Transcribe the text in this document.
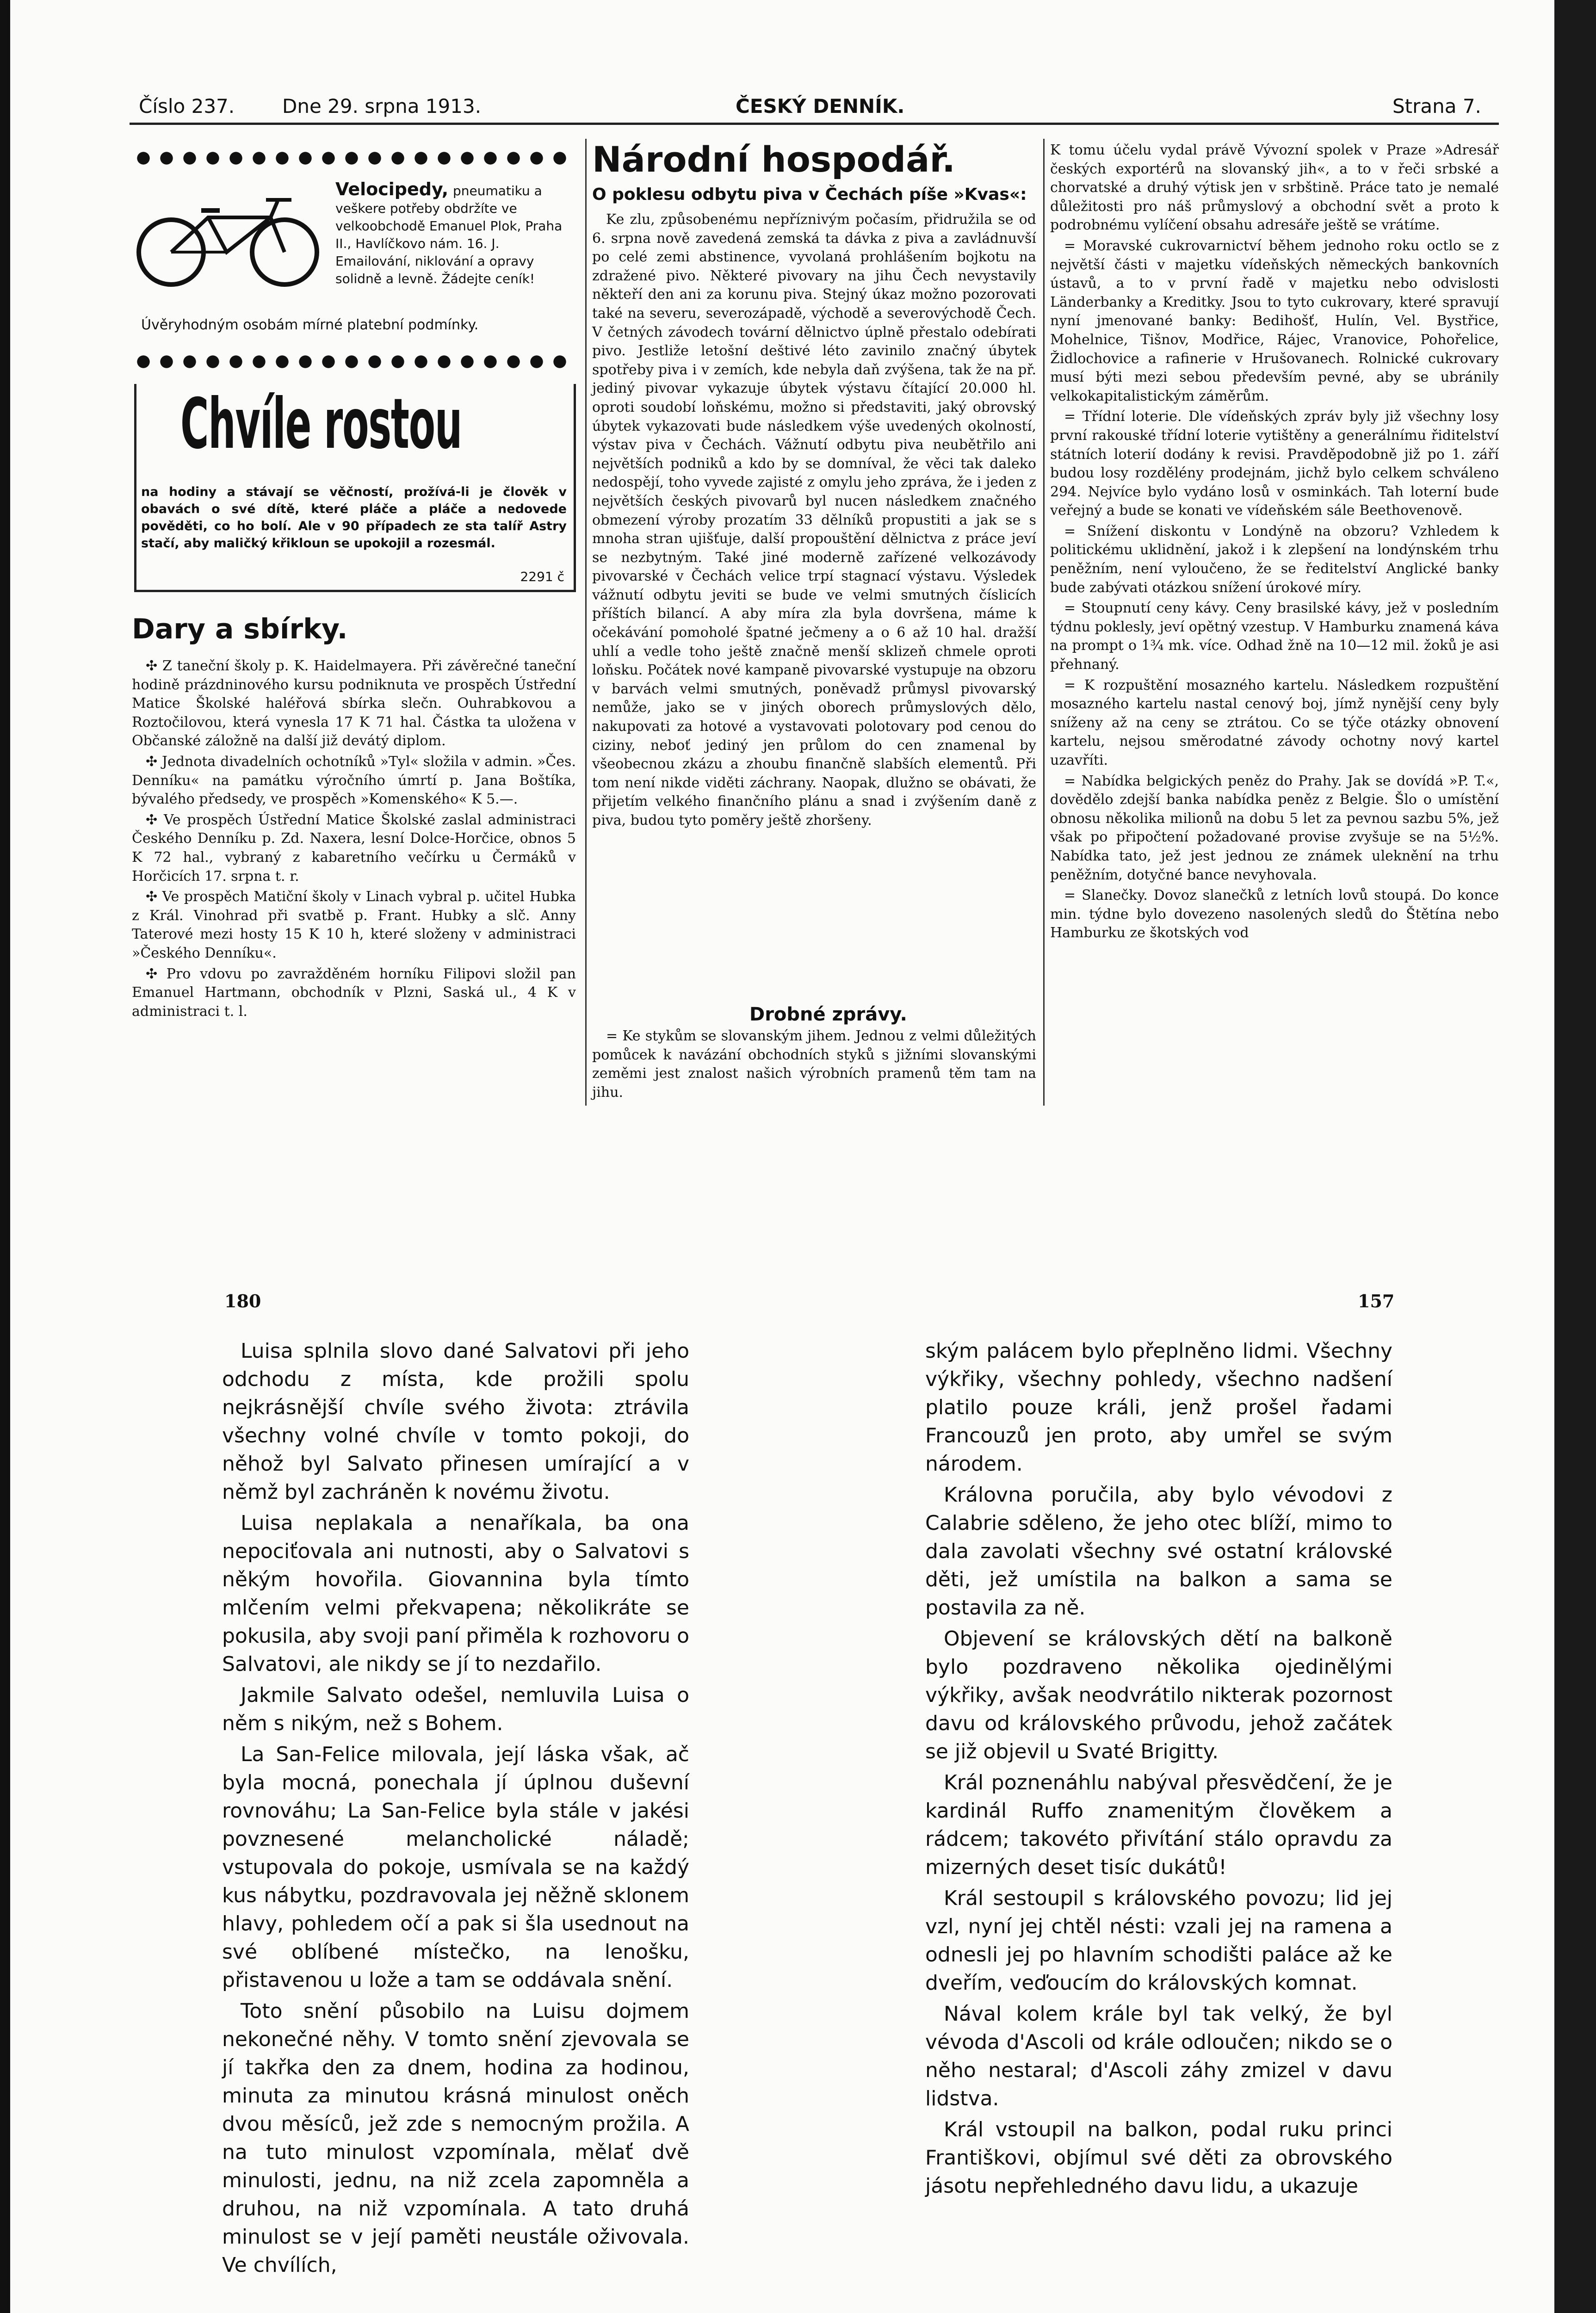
Číslo 237. Dne 29. srpna 1913.	ČESKÝ DENNÍK.	Strana 7.
Velocipedy, pneumatiku a veškere potřeby obdržíte ve velkoobchodě Emanuel Plok, Praha II., Havlíčkovo nám. 16. J. Emailování, niklování a opravy solidně a levně. Žádejte ceník!
Úvěryhodným osobám mírné platební podmínky.
Chvíle rostou
na hodiny a stávají se věčností, prožívá-li je člověk v obavách o své dítě, které pláče a pláče a nedovede pověděti, co ho bolí. Ale v 90 případech ze sta talíř Astry stačí, aby maličký křikloun se upokojil a rozesmál.
2291 č
Dary a sbírky.

✣ Z taneční školy p. K. Haidelmayera. Při závěrečné taneční hodině prázdninového kursu podniknuta ve prospěch Ústřední Matice Školské haléřová sbírka slečn. Ouhrabkovou a Roztočilovou, která vynesla 17 K 71 hal. Částka ta uložena v Občanské záložně na další již devátý diplom.

✣ Jednota divadelních ochotníků »Tyl« složila v admin. »Čes. Denníku« na památku výročního úmrtí p. Jana Boštíka, bývalého předsedy, ve prospěch »Komenského« K 5.—.

✣ Ve prospěch Ústřední Matice Školské zaslal administraci Českého Denníku p. Zd. Naxera, lesní Dolce-Horčice, obnos 5 K 72 hal., vybraný z kabaretního večírku u Čermáků v Horčicích 17. srpna t. r.

✣ Ve prospěch Matiční školy v Linach vybral p. učitel Hubka z Král. Vinohrad při svatbě p. Frant. Hubky a slč. Anny Taterové mezi hosty 15 K 10 h, které složeny v administraci »Českého Denníku«.

✣ Pro vdovu po zavražděném horníku Filipovi složil pan Emanuel Hartmann, obchodník v Plzni, Saská ul., 4 K v administraci t. l.

Národní hospodář.
O poklesu odbytu piva v Čechách píše »Kvas«:

Ke zlu, způsobenému nepříznivým počasím, přidružila se od 6. srpna nově zavedená zemská ta dávka z piva a zavládnuvší po celé zemi abstinence, vyvolaná prohlášením bojkotu na zdražené pivo. Některé pivovary na jihu Čech nevystavily někteří den ani za korunu piva. Stejný úkaz možno pozorovati také na severu, severozápadě, východě a severovýchodě Čech. V četných závodech tovární dělnictvo úplně přestalo odebírati pivo. Jestliže letošní deštivé léto zavinilo značný úbytek spotřeby piva i v zemích, kde nebyla daň zvýšena, tak že na př. jediný pivovar vykazuje úbytek výstavu čítající 20.000 hl. oproti soudobí loňskému, možno si představiti, jaký obrovský úbytek vykazovati bude následkem výše uvedených okolností, výstav piva v Čechách. Vážnutí odbytu piva neubětřilo ani největších podniků a kdo by se domníval, že věci tak daleko nedospějí, toho vyvede zajisté z omylu jeho zpráva, že i jeden z největších českých pivovarů byl nucen následkem značného obmezení výroby prozatím 33 dělníků propustiti a jak se s mnoha stran ujišťuje, další propouštění dělnictva z práce jeví se nezbytným. Také jiné moderně zařízené velkozávody pivovarské v Čechách velice trpí stagnací výstavu. Výsledek vážnutí odbytu jeviti se bude ve velmi smutných číslicích příštích bilancí. A aby míra zla byla dovršena, máme k očekávání pomoholé špatné ječmeny a o 6 až 10 hal. dražší uhlí a vedle toho ještě značně menší sklizeň chmele oproti loňsku. Počátek nové kampaně pivovarské vystupuje na obzoru v barvách velmi smutných, poněvadž průmysl pivovarský nemůže, jako se v jiných oborech průmyslových dělo, nakupovati za hotové a vystavovati polotovary pod cenou do ciziny, neboť jediný jen průlom do cen znamenal by všeobecnou zkázu a zhoubu finančně slabších elementů. Při tom není nikde viděti záchrany. Naopak, dlužno se obávati, že přijetím velkého finančního plánu a snad i zvýšením daně z piva, budou tyto poměry ještě zhoršeny.

Drobné zprávy.

= Ke stykům se slovanským jihem. Jednou z velmi důležitých pomůcek k navázání obchodních styků s jižními slovanskými zeměmi jest znalost našich výrobních pramenů těm tam na jihu.

K tomu účelu vydal právě Vývozní spolek v Praze »Adresář českých exportérů na slovanský jih«, a to v řeči srbské a chorvatské a druhý výtisk jen v srbštině. Práce tato je nemalé důležitosti pro náš průmyslový a obchodní svět a proto k podrobnému vylíčení obsahu adresáře ještě se vrátíme.

= Moravské cukrovarnictví během jednoho roku octlo se z největší části v majetku vídeňských německých bankovních ústavů, a to v první řadě v majetku nebo odvislosti Länderbanky a Kreditky. Jsou to tyto cukrovary, které spravují nyní jmenované banky: Bedihošť, Hulín, Vel. Bystřice, Mohelnice, Tišnov, Modřice, Rájec, Vranovice, Pohořelice, Židlochovice a rafinerie v Hrušovanech. Rolnické cukrovary musí býti mezi sebou především pevné, aby se ubránily velkokapitalistickým záměrům.

= Třídní loterie. Dle vídeňských zpráv byly již všechny losy první rakouské třídní loterie vytištěny a generálnímu řiditelství státních loterií dodány k revisi. Pravděpodobně již po 1. září budou losy rozdělény prodejnám, jichž bylo celkem schváleno 294. Nejvíce bylo vydáno losů v osminkách. Tah loterní bude veřejný a bude se konati ve vídeňském sále Beethovenově.

= Snížení diskontu v Londýně na obzoru? Vzhledem k politickému uklidnění, jakož i k zlepšení na londýnském trhu peněžním, není vyloučeno, že se ředitelství Anglické banky bude zabývati otázkou snížení úrokové míry.

= Stoupnutí ceny kávy. Ceny brasilské kávy, jež v posledním týdnu poklesly, jeví opětný vzestup. V Hamburku znamená káva na prompt o 1¾ mk. více. Odhad žně na 10—12 mil. žoků je asi přehnaný.

= K rozpuštění mosazného kartelu. Následkem rozpuštění mosazného kartelu nastal cenový boj, jímž nynější ceny byly sníženy až na ceny se ztrátou. Co se týče otázky obnovení kartelu, nejsou směrodatné závody ochotny nový kartel uzavříti.

= Nabídka belgických peněz do Prahy. Jak se dovídá »P. T.«, dovědělo zdejší banka nabídka peněz z Belgie. Šlo o umístění obnosu několika milionů na dobu 5 let za pevnou sazbu 5%, jež však po připočtení požadované provise zvyšuje se na 5½%. Nabídka tato, jež jest jednou ze známek uleknění na trhu peněžním, dotyčné bance nevyhovala.

= Slanečky. Dovoz slanečků z letních lovů stoupá. Do konce min. týdne bylo dovezeno nasolených sledů do Štětína nebo Hamburku ze škotských vod

180	157

Luisa splnila slovo dané Salvatovi při jeho odchodu z místa, kde prožili spolu nejkrásnější chvíle svého života: ztrávila všechny volné chvíle v tomto pokoji, do něhož byl Salvato přinesen umírající a v němž byl zachráněn k novému životu.

Luisa neplakala a nenaříkala, ba ona nepociťovala ani nutnosti, aby o Salvatovi s někým hovořila. Giovannina byla tímto mlčením velmi překvapena; několikráte se pokusila, aby svoji paní přiměla k rozhovoru o Salvatovi, ale nikdy se jí to nezdařilo.

Jakmile Salvato odešel, nemluvila Luisa o něm s nikým, než s Bohem.

La San-Felice milovala, její láska však, ač byla mocná, ponechala jí úplnou duševní rovnováhu; La San-Felice byla stále v jakési povznesené melancholické náladě; vstupovala do pokoje, usmívala se na každý kus nábytku, pozdravovala jej něžně sklonem hlavy, pohledem očí a pak si šla usednout na své oblíbené místečko, na lenošku, přistavenou u lože a tam se oddávala snění.

Toto snění působilo na Luisu dojmem nekonečné něhy. V tomto snění zjevovala se jí takřka den za dnem, hodina za hodinou, minuta za minutou krásná minulost oněch dvou měsíců, jež zde s nemocným prožila. A na tuto minulost vzpomínala, mělať dvě minulosti, jednu, na niž zcela zapomněla a druhou, na niž vzpomínala. A tato druhá minulost se v její paměti neustále oživovala. Ve chvílích,

ským palácem bylo přeplněno lidmi. Všechny výkřiky, všechny pohledy, všechno nadšení platilo pouze králi, jenž prošel řadami Francouzů jen proto, aby umřel se svým národem.

Královna poručila, aby bylo vévodovi z Calabrie sděleno, že jeho otec blíží, mimo to dala zavolati všechny své ostatní královské děti, jež umístila na balkon a sama se postavila za ně.

Objevení se královských dětí na balkoně bylo pozdraveno několika ojedinělými výkřiky, avšak neodvrátilo nikterak pozornost davu od královského průvodu, jehož začátek se již objevil u Svaté Brigitty.

Král poznenáhlu nabýval přesvědčení, že je kardinál Ruffo znamenitým člověkem a rádcem; takovéto přivítání stálo opravdu za mizerných deset tisíc dukátů!

Král sestoupil s královského povozu; lid jej vzl, nyní jej chtěl nésti: vzali jej na ramena a odnesli jej po hlavním schodišti paláce až ke dveřím, veďoucím do královských komnat.

Nával kolem krále byl tak velký, že byl vévoda d'Ascoli od krále odloučen; nikdo se o něho nestaral; d'Ascoli záhy zmizel v davu lidstva.

Král vstoupil na balkon, podal ruku princi Františkovi, objímul své děti za obrovského jásotu nepřehledného davu lidu, a ukazuje
